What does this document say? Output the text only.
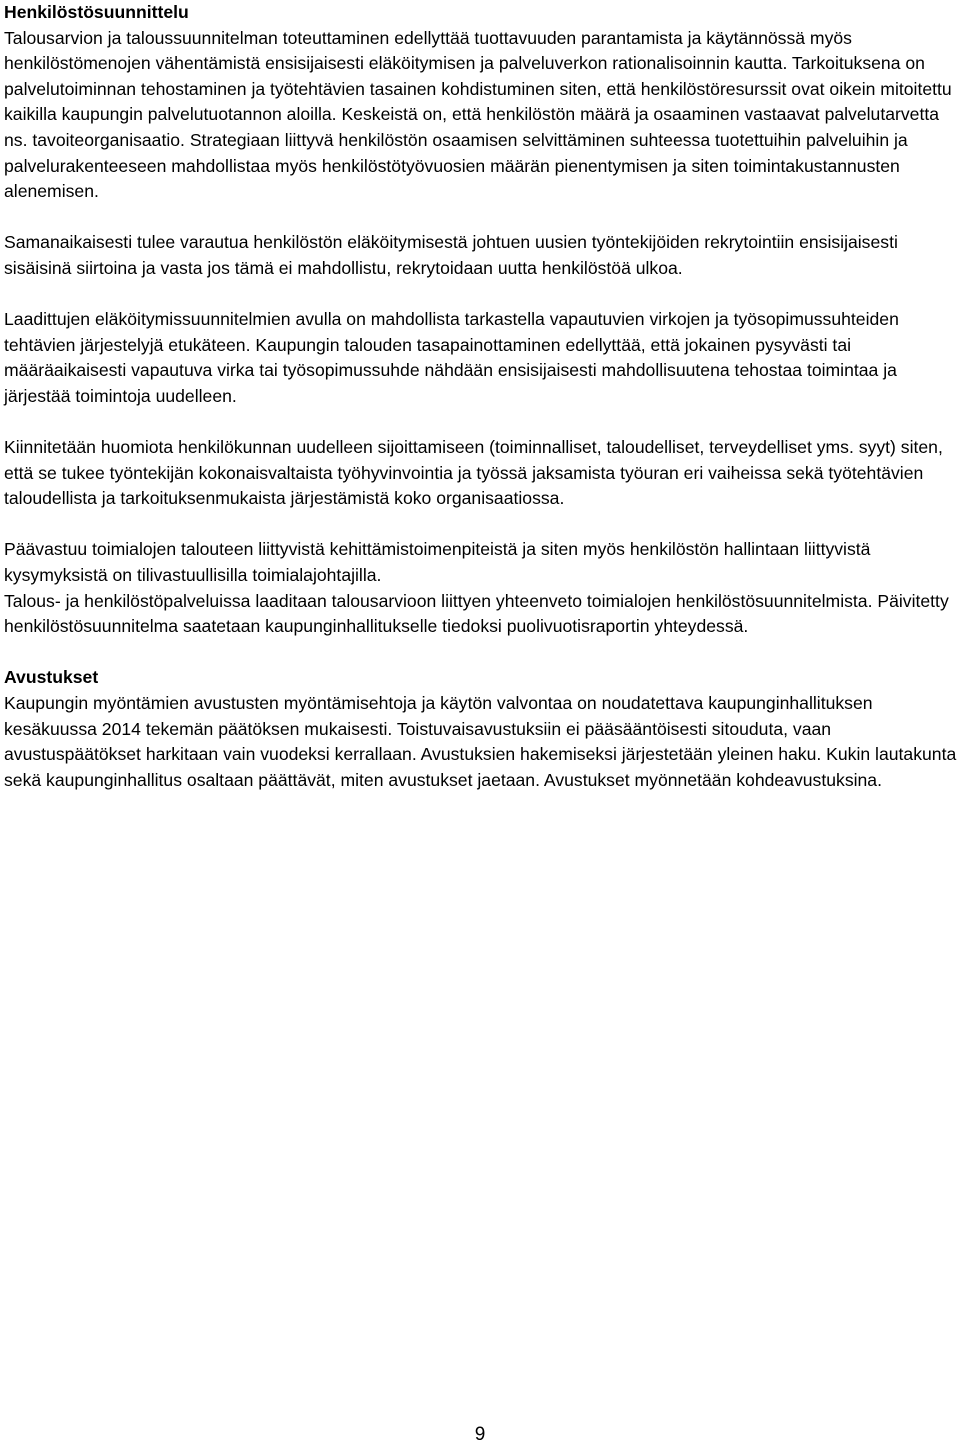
Henkilöstösuunnittelu

Talousarvion ja taloussuunnitelman toteuttaminen edellyttää tuottavuuden parantamista ja käytännössä myös henkilöstömenojen vähentämistä ensisijaisesti eläköitymisen ja palveluverkon rationalisoinnin kautta. Tarkoituksena on palvelutoiminnan tehostaminen ja työtehtävien tasainen kohdistuminen siten, että henkilöstöresurssit ovat oikein mitoitettu kaikilla kaupungin palvelutuotannon aloilla. Keskeistä on, että henkilöstön määrä ja osaaminen vastaavat palvelutarvetta ns. tavoiteorganisaatio. Strategiaan liittyvä henkilöstön osaamisen selvittäminen suhteessa tuotettuihin palveluihin ja palvelurakenteeseen mahdollistaa myös henkilöstötyövuosien määrän pienentymisen ja siten toimintakustannusten alenemisen.

Samanaikaisesti tulee varautua henkilöstön eläköitymisestä johtuen uusien työntekijöiden rekrytointiin ensisijaisesti sisäisinä siirtoina ja vasta jos tämä ei mahdollistu, rekrytoidaan uutta henkilöstöä ulkoa.

Laadittujen eläköitymissuunnitelmien avulla on mahdollista tarkastella vapautuvien virkojen ja työsopimussuhteiden tehtävien järjestelyjä etukäteen. Kaupungin talouden tasapainottaminen edellyttää, että jokainen pysyvästi tai määräaikaisesti vapautuva virka tai työsopimussuhde nähdään ensisijaisesti mahdollisuutena tehostaa toimintaa ja järjestää toimintoja uudelleen.

Kiinnitetään huomiota henkilökunnan uudelleen sijoittamiseen (toiminnalliset, taloudelliset, terveydelliset yms. syyt) siten, että se tukee työntekijän kokonaisvaltaista työhyvinvointia ja työssä jaksamista työuran eri vaiheissa sekä työtehtävien taloudellista ja tarkoituksenmukaista järjestämistä koko organisaatiossa.

Päävastuu toimialojen talouteen liittyvistä kehittämistoimenpiteistä ja siten myös henkilöstön hallintaan liittyvistä kysymyksistä on tilivastuullisilla toimialajohtajilla.

Talous- ja henkilöstöpalveluissa laaditaan talousarvioon liittyen yhteenveto toimialojen henkilöstösuunnitelmista. Päivitetty henkilöstösuunnitelma saatetaan kaupunginhallitukselle tiedoksi puolivuotisraportin yhteydessä.

Avustukset

Kaupungin myöntämien avustusten myöntämisehtoja ja käytön valvontaa on noudatettava kaupunginhallituksen kesäkuussa 2014 tekemän päätöksen mukaisesti. Toistuvaisavustuksiin ei pääsääntöisesti sitouduta, vaan avustuspäätökset harkitaan vain vuodeksi kerrallaan. Avustuksien hakemiseksi järjestetään yleinen haku. Kukin lautakunta sekä kaupunginhallitus osaltaan päättävät, miten avustukset jaetaan. Avustukset myönnetään kohdeavustuksina.

9
